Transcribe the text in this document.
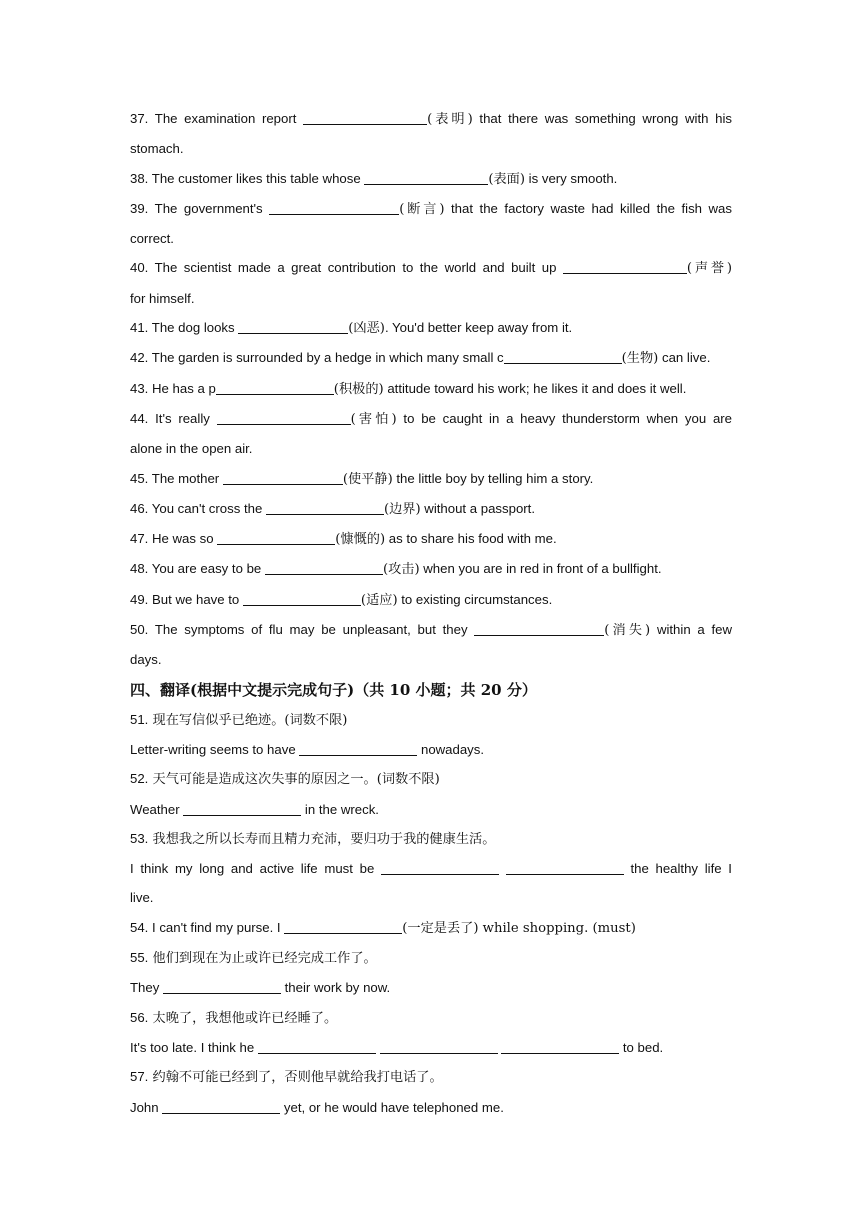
37. The examination report	(表明) that there was something wrong with his
stomach.
38. The customer likes this table whose	(表面) is very smooth.
39. The government's	(断言) that the factory waste had killed the fish was
correct.
40. The scientist made a great contribution to the world and built up	(声誉)
for himself.
41. The dog looks	(凶恶). You'd better keep away from it.
42. The garden is surrounded by a hedge in which many small c	(生物) can live.
43. He has a p	(积极的) attitude toward his work; he likes it and does it well.
44. It's really	(害怕) to be caught in a heavy thunderstorm when you are
alone in the open air.
45. The mother	(使平静) the little boy by telling him a story.
46. You can't cross the	(边界) without a passport.
47. He was so	(慷慨的) as to share his food with me.
48. You are easy to be	(攻击) when you are in red in front of a bullfight.
49. But we have to	(适应) to existing circumstances.
50. The symptoms of flu may be unpleasant, but they	(消失) within a few
days.
四、翻译(根据中文提示完成句子)（共 10 小题；共 20 分）
51. 现在写信似乎已绝迹。(词数不限)
Letter-writing seems to have	nowadays.
52. 天气可能是造成这次失事的原因之一。(词数不限)
Weather	in the wreck.
53. 我想我之所以长寿而且精力充沛，要归功于我的健康生活。
I think my long and active life must be	the healthy life I
live.
54. I can't find my purse. I	(一定是丢了) while shopping. (must)
55. 他们到现在为止或许已经完成工作了。
They	their work by now.
56. 太晚了，我想他或许已经睡了。
It's too late. I think he	to bed.
57. 约翰不可能已经到了，否则他早就给我打电话了。
John	yet, or he would have telephoned me.
